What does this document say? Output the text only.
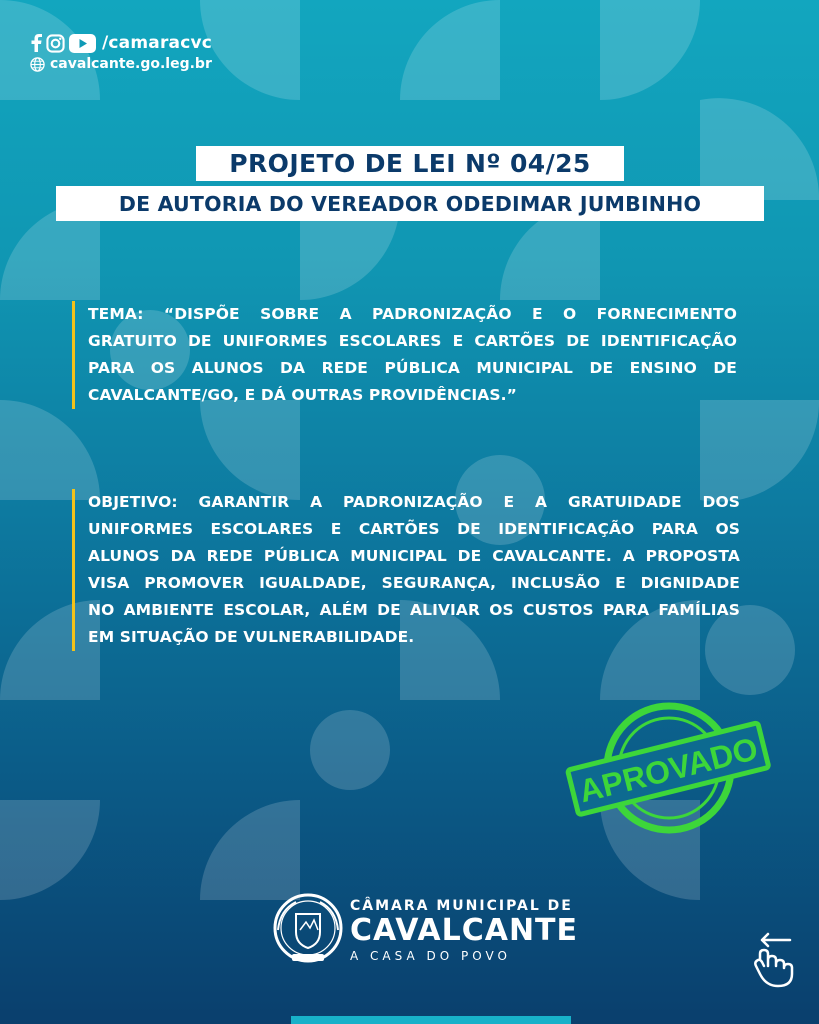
/camaracvc
cavalcante.go.leg.br
PROJETO DE LEI Nº 04/25
DE AUTORIA DO VEREADOR ODEDIMAR JUMBINHO
TEMA: “DISPÕE SOBRE A PADRONIZAÇÃO E O FORNECIMENTO
GRATUITO DE UNIFORMES ESCOLARES E CARTÕES DE IDENTIFICAÇÃO
PARA OS ALUNOS DA REDE PÚBLICA MUNICIPAL DE ENSINO DE
CAVALCANTE/GO, E DÁ OUTRAS PROVIDÊNCIAS.”
OBJETIVO: GARANTIR A PADRONIZAÇÃO E A GRATUIDADE DOS
UNIFORMES ESCOLARES E CARTÕES DE IDENTIFICAÇÃO PARA OS
ALUNOS DA REDE PÚBLICA MUNICIPAL DE CAVALCANTE. A PROPOSTA
VISA PROMOVER IGUALDADE, SEGURANÇA, INCLUSÃO E DIGNIDADE
NO AMBIENTE ESCOLAR, ALÉM DE ALIVIAR OS CUSTOS PARA FAMÍLIAS
EM SITUAÇÃO DE VULNERABILIDADE.
APROVADO
CÂMARA MUNICIPAL DE
CAVALCANTE
A CASA DO POVO
